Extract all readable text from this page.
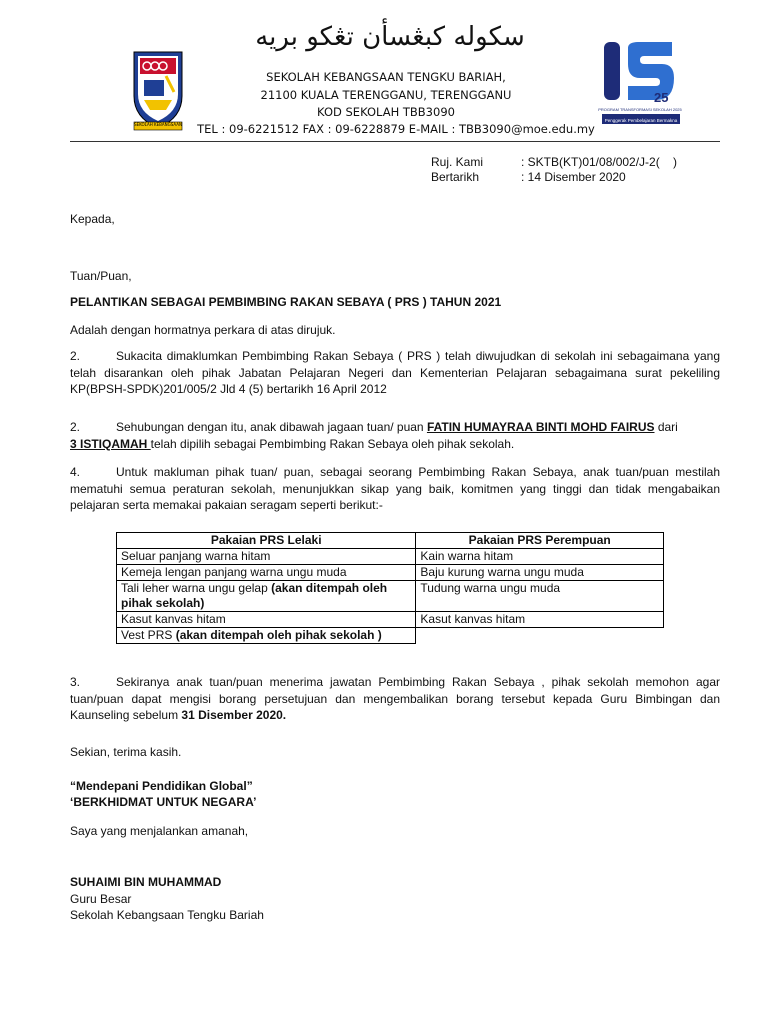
SEKOLAH KEBANGSAAN
سکوله کبڠسأن تڠکو بريه
SEKOLAH KEBANGSAAN TENGKU BARIAH,
21100 KUALA TERENGGANU, TERENGGANU
KOD SEKOLAH TBB3090
TEL : 09-6221512 FAX : 09-6228879 E-MAIL : TBB3090@moe.edu.my
25
PROGRAM TRANSFORMASI SEKOLAH 2025
Penggerak Pembelajaran Bermakna
Ruj. Kami	: SKTB(KT)01/08/002/J-2(    )
Bertarikh	: 14 Disember 2020
Kepada,
Tuan/Puan,
PELANTIKAN SEBAGAI PEMBIMBING RAKAN SEBAYA ( PRS ) TAHUN 2021
Adalah dengan hormatnya perkara di atas dirujuk.
2.	Sukacita dimaklumkan Pembimbing Rakan Sebaya ( PRS ) telah diwujudkan di sekolah ini sebagaimana yang telah disarankan oleh pihak Jabatan Pelajaran Negeri dan Kementerian Pelajaran sebagaimana surat pekeliling KP(BPSH-SPDK)201/005/2 Jld 4 (5) bertarikh 16 April 2012
2.	Sehubungan dengan itu, anak dibawah jagaan tuan/ puan FATIN HUMAYRAA BINTI MOHD FAIRUS dari
3 ISTIQAMAH telah dipilih sebagai Pembimbing Rakan Sebaya oleh pihak sekolah.
4.	Untuk makluman pihak tuan/ puan, sebagai seorang Pembimbing Rakan Sebaya, anak tuan/puan mestilah mematuhi semua peraturan sekolah, menunjukkan sikap yang baik, komitmen yang tinggi dan tidak mengabaikan pelajaran serta memakai pakaian seragam seperti berikut:-
Pakaian PRS Lelaki	Pakaian PRS Perempuan
Seluar panjang warna hitam	Kain warna hitam
Kemeja lengan panjang warna ungu muda	Baju kurung warna ungu muda
Tali leher warna ungu gelap (akan ditempah oleh pihak sekolah)	Tudung warna ungu muda
Kasut kanvas hitam	Kasut kanvas hitam
Vest PRS (akan ditempah oleh pihak sekolah )	
3.	Sekiranya anak tuan/puan menerima jawatan Pembimbing Rakan Sebaya , pihak sekolah memohon agar tuan/puan dapat mengisi borang persetujuan dan mengembalikan borang tersebut kepada Guru Bimbingan dan Kaunseling sebelum 31 Disember 2020.
Sekian, terima kasih.
“Mendepani Pendidikan Global”
‘BERKHIDMAT UNTUK NEGARA’
Saya yang menjalankan amanah,
SUHAIMI BIN MUHAMMAD
Guru Besar
Sekolah Kebangsaan Tengku Bariah
